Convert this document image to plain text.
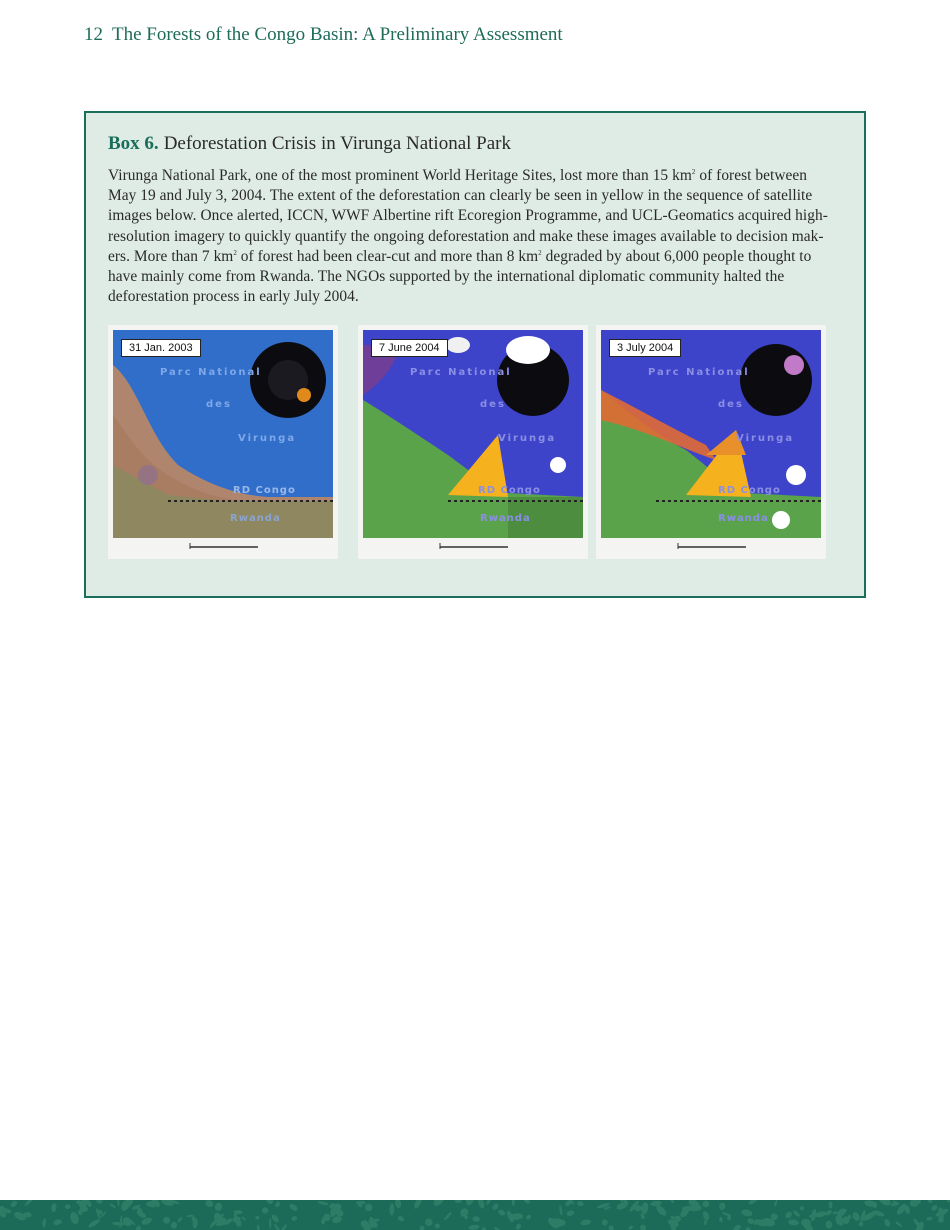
12 The Forests of the Congo Basin: A Preliminary Assessment
Box 6. Deforestation Crisis in Virunga National Park
Virunga National Park, one of the most prominent World Heritage Sites, lost more than 15 $km^2$ of forest between
May 19 and July 3, 2004. The extent of the deforestation can clearly be seen in yellow in the sequence of satellite
images below. Once alerted, ICCN, WWF Albertine rift Ecoregion Programme, and UCL-Geomatics acquired high-
resolution imagery to quickly quantify the ongoing deforestation and make these images available to decision mak-
ers. More than 7 $km^2$ of forest had been clear-cut and more than 8 $km^2$ degraded by about 6,000 people thought to
have mainly come from Rwanda. The NGOs supported by the international diplomatic community halted the
deforestation process in early July 2004.
Parc National
des
Virunga
RD Congo
Rwanda
31 Jan. 2003
Parc National
des
Virunga
RD Congo
Rwanda
7 June 2004
Parc National
des
Virunga
RD Congo
Rwanda
3 July 2004
